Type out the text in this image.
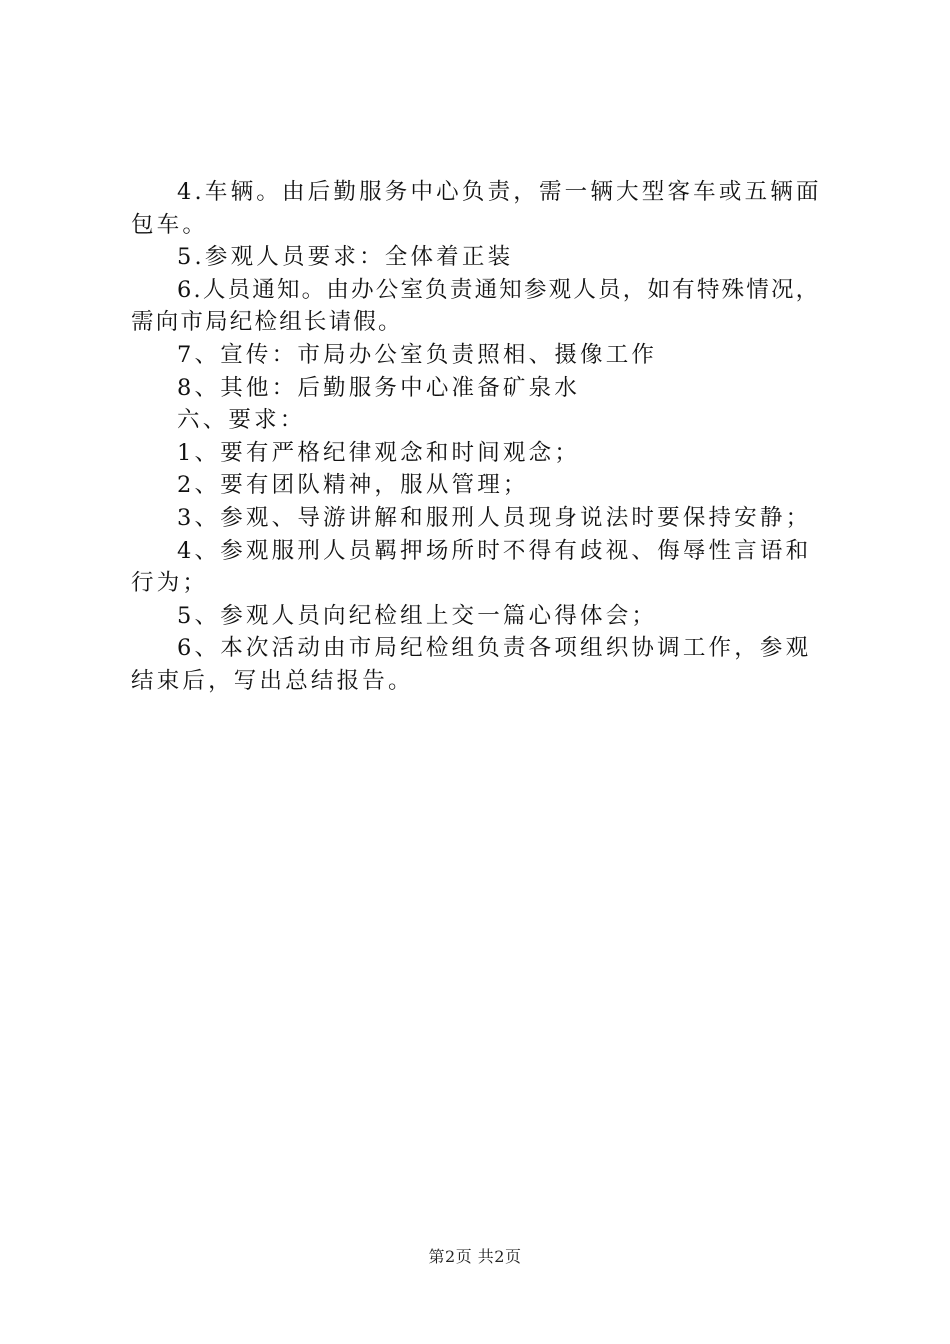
4.车辆。由后勤服务中心负责，需一辆大型客车或五辆面包车。

5.参观人员要求：全体着正装

6.人员通知。由办公室负责通知参观人员，如有特殊情况，需向市局纪检组长请假。

7、宣传：市局办公室负责照相、摄像工作

8、其他：后勤服务中心准备矿泉水

六、要求：

1、要有严格纪律观念和时间观念；

2、要有团队精神，服从管理；

3、参观、导游讲解和服刑人员现身说法时要保持安静；

4、参观服刑人员羁押场所时不得有歧视、侮辱性言语和行为；

5、参观人员向纪检组上交一篇心得体会；

6、本次活动由市局纪检组负责各项组织协调工作，参观结束后，写出总结报告。

第2页 共2页
